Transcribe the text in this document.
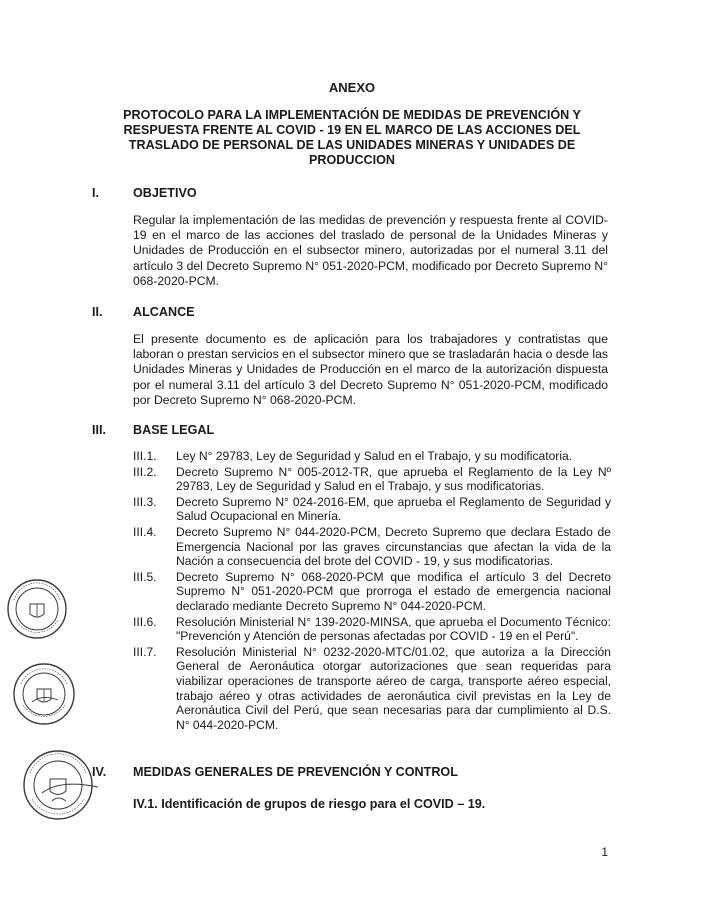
ANEXO
PROTOCOLO PARA LA IMPLEMENTACIÓN DE MEDIDAS DE PREVENCIÓN Y
RESPUESTA FRENTE AL COVID - 19 EN EL MARCO DE LAS ACCIONES DEL
TRASLADO DE PERSONAL DE LAS UNIDADES MINERAS Y UNIDADES DE
PRODUCCION
I.	OBJETIVO
Regular la implementación de las medidas de prevención y respuesta frente al COVID-19 en el marco de las acciones del traslado de personal de la Unidades Mineras y Unidades de Producción en el subsector minero, autorizadas por el numeral 3.11 del artículo 3 del Decreto Supremo N° 051-2020-PCM, modificado por Decreto Supremo N° 068-2020-PCM.
II. ALCANCE
El presente documento es de aplicación para los trabajadores y contratistas que laboran o prestan servicios en el subsector minero que se trasladarán hacia o desde las Unidades Mineras y Unidades de Producción en el marco de la autorización dispuesta por el numeral 3.11 del artículo 3 del Decreto Supremo N° 051-2020-PCM, modificado por Decreto Supremo N° 068-2020-PCM.
III. BASE LEGAL
III.1.	Ley N° 29783, Ley de Seguridad y Salud en el Trabajo, y su modificatoria.
III.2.	Decreto Supremo N° 005-2012-TR, que aprueba el Reglamento de la Ley Nº 29783, Ley de Seguridad y Salud en el Trabajo, y sus modificatorias.
III.3.	Decreto Supremo N° 024-2016-EM, que aprueba el Reglamento de Seguridad y Salud Ocupacional en Minería.
III.4.	Decreto Supremo N° 044-2020-PCM, Decreto Supremo que declara Estado de Emergencia Nacional por las graves circunstancias que afectan la vida de la Nación a consecuencia del brote del COVID - 19, y sus modificatorias.
III.5.	Decreto Supremo N° 068-2020-PCM que modifica el artículo 3 del Decreto Supremo N° 051-2020-PCM que prorroga el estado de emergencia nacional declarado mediante Decreto Supremo N° 044-2020-PCM.
III.6.	Resolución Ministerial N° 139-2020-MINSA, que aprueba el Documento Técnico: "Prevención y Atención de personas afectadas por COVID - 19 en el Perú".
III.7.	Resolución Ministerial N° 0232-2020-MTC/01.02, que autoriza a la Dirección General de Aeronáutica otorgar autorizaciones que sean requeridas para viabilizar operaciones de transporte aéreo de carga, transporte aéreo especial, trabajo aéreo y otras actividades de aeronáutica civil previstas en la Ley de Aeronáutica Civil del Perú, que sean necesarias para dar cumplimiento al D.S. N° 044-2020-PCM.
IV. MEDIDAS GENERALES DE PREVENCIÓN Y CONTROL
IV.1. Identificación de grupos de riesgo para el COVID – 19.
1
